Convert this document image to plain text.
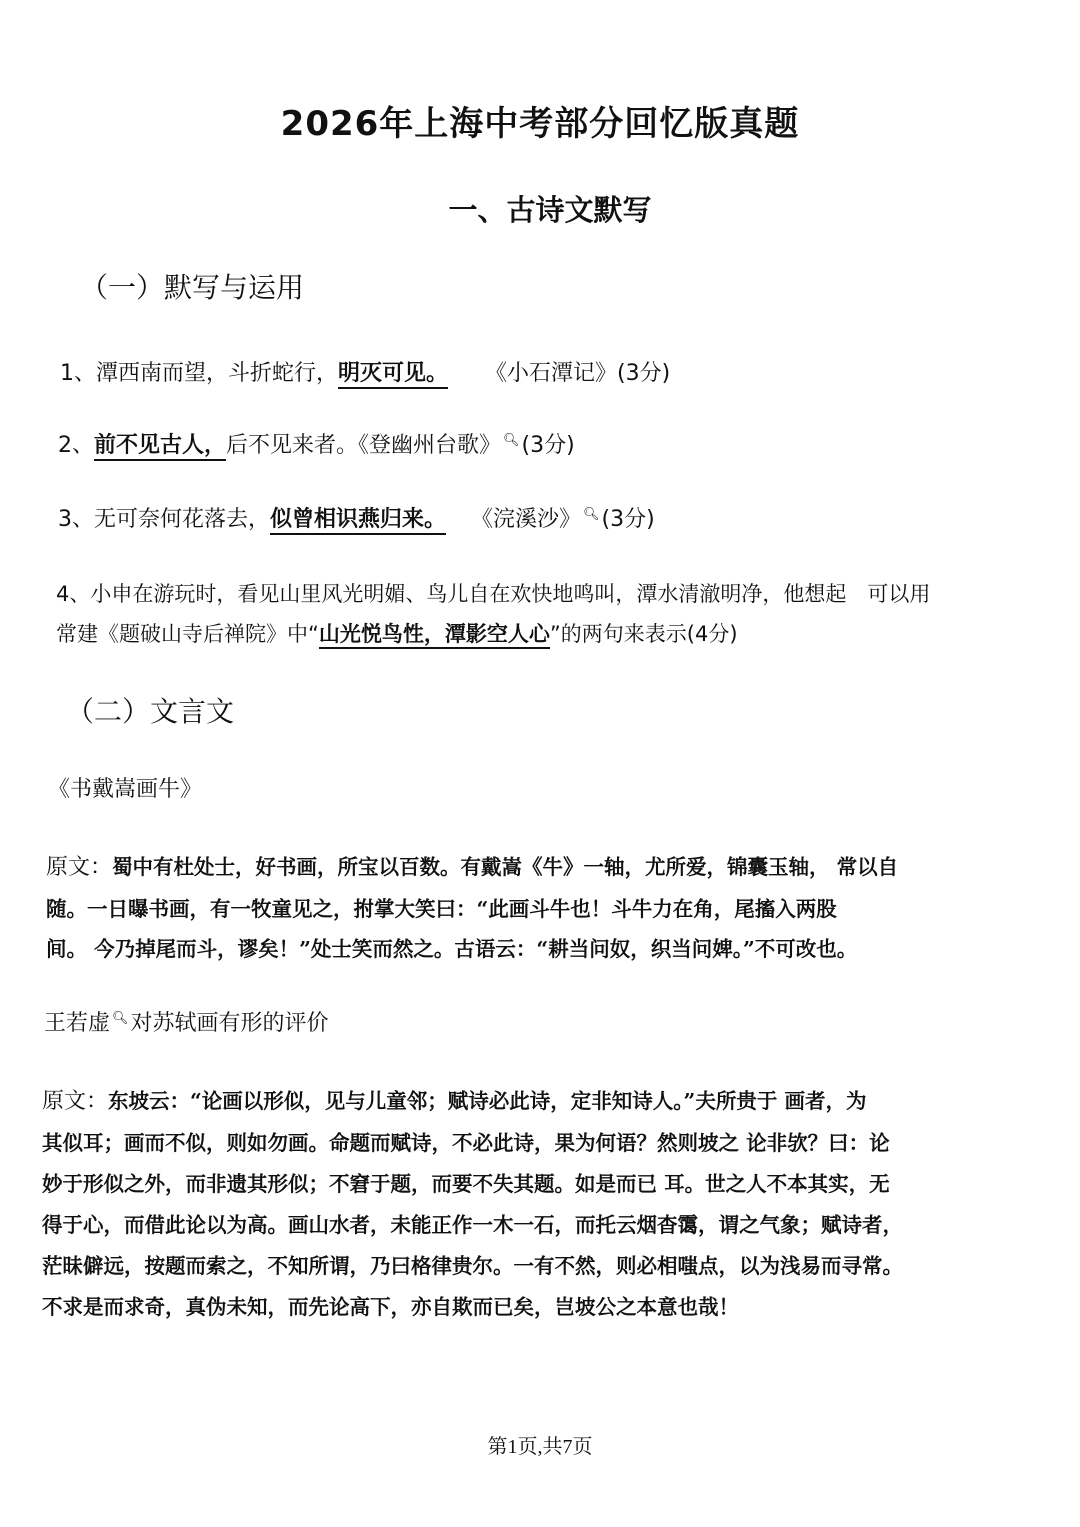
2026年上海中考部分回忆版真题
一、古诗文默写
（一）默写与运用
1、潭西南而望，斗折蛇行，明灭可见。 《小石潭记》(3分)
2、前不见古人，后不见来者。《登幽州台歌》 🔍︎(3分)
3、无可奈何花落去，似曾相识燕归来。 《浣溪沙》 🔍︎(3分)
4、小申在游玩时，看见山里风光明媚、鸟儿自在欢快地鸣叫，潭水清澈明净，他想起　可以用
常建《题破山寺后禅院》中“山光悦鸟性，潭影空人心”的两句来表示(4分)
（二）文言文
《书戴嵩画牛》
原文：蜀中有杜处士，好书画，所宝以百数。有戴嵩《牛》一轴，尤所爱，锦囊玉轴， 常以自
随。一日曝书画，有一牧童见之，拊掌大笑曰：“此画斗牛也！斗牛力在角，尾搐入两股
间。 今乃掉尾而斗，谬矣！”处士笑而然之。古语云：“耕当问奴，织当问婢。”不可改也。
王若虚 🔍︎对苏轼画有形的评价
原文：东坡云：“论画以形似，见与儿童邻；赋诗必此诗，定非知诗人。”夫所贵于 画者，为
其似耳；画而不似，则如勿画。命题而赋诗，不必此诗，果为何语？然则坡之 论非欤？曰：论
妙于形似之外，而非遗其形似；不窘于题，而要不失其题。如是而已 耳。世之人不本其实，无
得于心，而借此论以为高。画山水者，未能正作一木一石，而托云烟杳霭，谓之气象；赋诗者，
茫昧僻远，按题而索之，不知所谓，乃曰格律贵尔。一有不然，则必相嗤点，以为浅易而寻常。
不求是而求奇，真伪未知，而先论高下，亦自欺而已矣，岂坡公之本意也哉！
第1页,共7页
